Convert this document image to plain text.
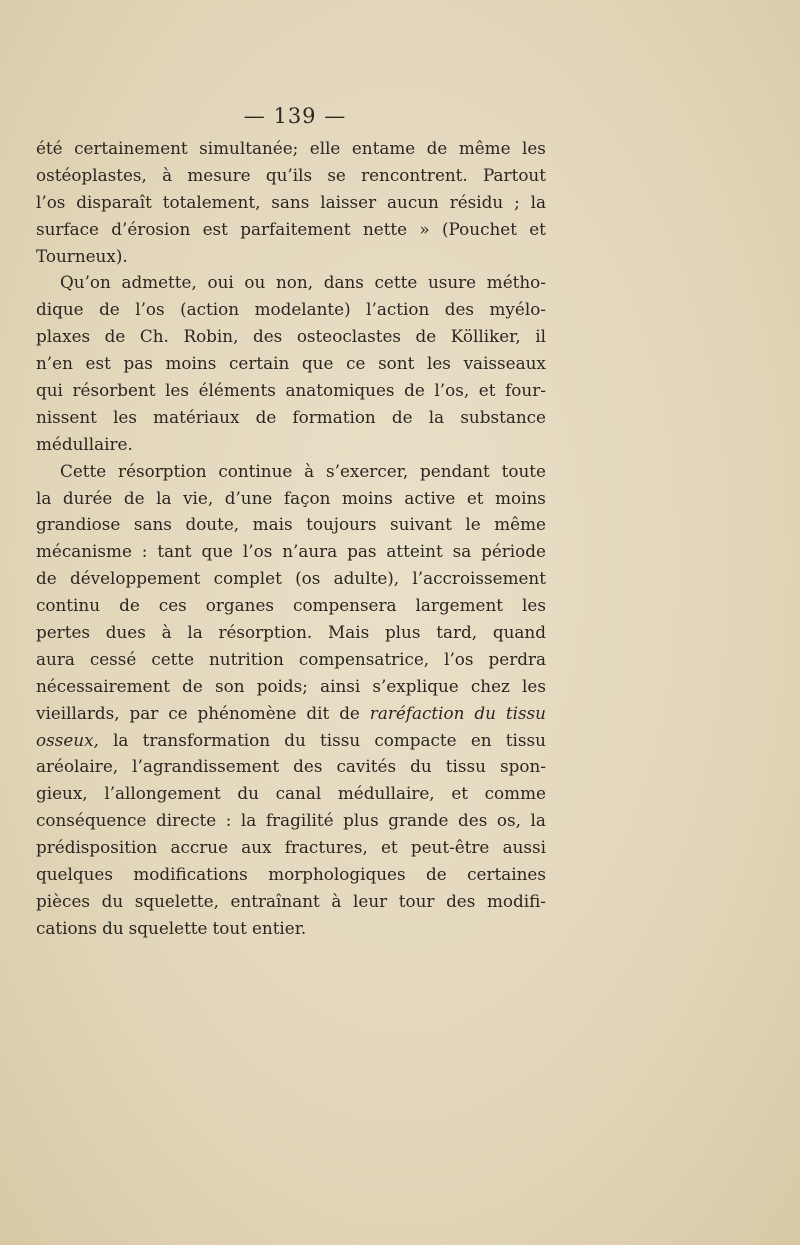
— 139 —
été certainement simultanée; elle entame de même les
ostéoplastes, à mesure qu’ils se rencontrent. Partout
l’os disparaît totalement, sans laisser aucun résidu ; la
surface d’érosion est parfaitement nette » (Pouchet et
Tourneux).
Qu’on admette, oui ou non, dans cette usure métho-
dique de l’os (action modelante) l’action des myélo-
plaxes de Ch. Robin, des osteoclastes de Kölliker, il
n’en est pas moins certain que ce sont les vaisseaux
qui résorbent les éléments anatomiques de l’os, et four-
nissent les matériaux de formation de la substance
médullaire.
Cette résorption continue à s’exercer, pendant toute
la durée de la vie, d’une façon moins active et moins
grandiose sans doute, mais toujours suivant le même
mécanisme : tant que l’os n’aura pas atteint sa période
de développement complet (os adulte), l’accroissement
continu de ces organes compensera largement les
pertes dues à la résorption. Mais plus tard, quand
aura cessé cette nutrition compensatrice, l’os perdra
nécessairement de son poids; ainsi s’explique chez les
vieillards, par ce phénomène dit de raréfaction du tissu
osseux, la transformation du tissu compacte en tissu
aréolaire, l’agrandissement des cavités du tissu spon-
gieux, l’allongement du canal médullaire, et comme
conséquence directe : la fragilité plus grande des os, la
prédisposition accrue aux fractures, et peut-être aussi
quelques modifications morphologiques de certaines
pièces du squelette, entraînant à leur tour des modifi-
cations du squelette tout entier.
